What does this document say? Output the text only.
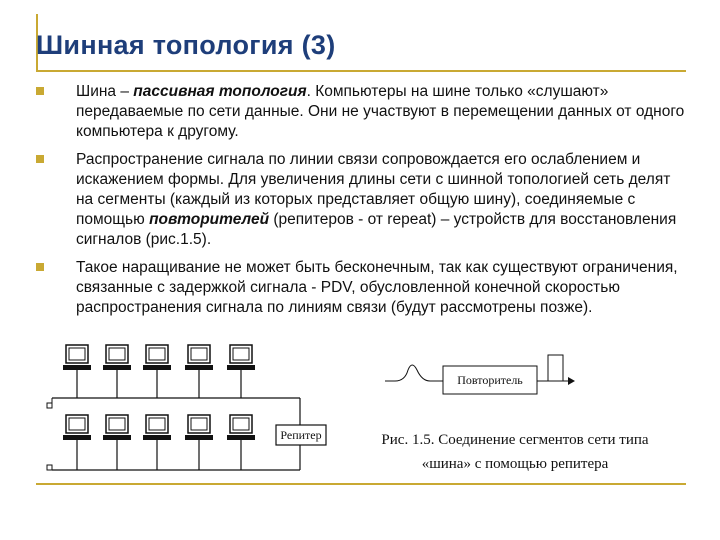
Шинная топология (3)
Шина – пассивная топология. Компьютеры на шине только «слушают» передаваемые по сети данные. Они не участвуют в перемещении данных от одного компьютера к другому.
Распространение сигнала по линии связи сопровождается его ослаблением и искажением формы. Для увеличения длины сети с шинной топологией сеть делят на сегменты (каждый из которых представляет общую шину), соединяемые с помощью повторителей (репитеров - от repeat) – устройств для восстановления сигналов (рис.1.5).
Такое наращивание не может быть бесконечным, так как существуют ограничения, связанные с задержкой сигнала - PDV, обусловленной конечной скоростью распространения сигнала по линиям связи (будут рассмотрены позже).
Репитер
Повторитель
Рис. 1.5. Соединение сегментов сети типа
«шина» с помощью репитера
